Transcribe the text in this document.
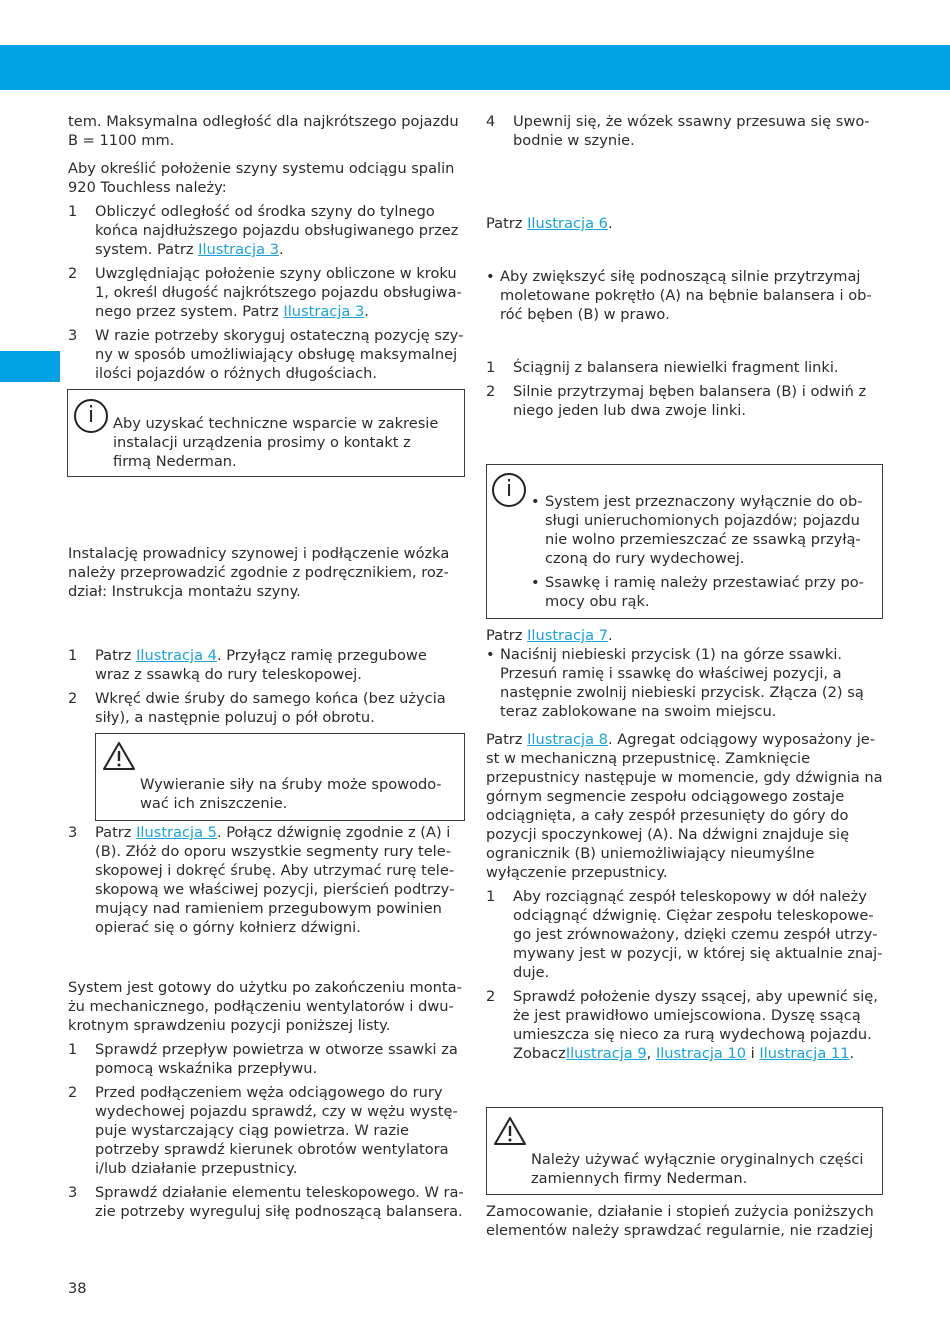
tem. Maksymalna odległość dla najkrótszego pojazdu B = 1100 mm.

Aby określić położenie szyny systemu odciągu spalin 920 Touchless należy:

1 Obliczyć odległość od środka szyny do tylnego końca najdłuższego pojazdu obsługiwanego przez system. Patrz Ilustracja 3.
2 Uwzględniając położenie szyny obliczone w kroku 1, określ długość najkrótszego pojazdu obsługiwanego przez system. Patrz Ilustracja 3.
3 W razie potrzeby skoryguj ostateczną pozycję szyny w sposób umożliwiający obsługę maksymalnej ilości pojazdów o różnych długościach.
i	Aby uzyskać techniczne wsparcie w zakresie instalacji urządzenia prosimy o kontakt z firmą Nederman.

Instalację prowadnicy szynowej i podłączenie wózka należy przeprowadzić zgodnie z podręcznikiem, rozdział: Instrukcja montażu szyny.

1 Patrz Ilustracja 4. Przyłącz ramię przegubowe wraz z ssawką do rury teleskopowej.
2 Wkręć dwie śruby do samego końca (bez użycia siły), a następnie poluzuj o pół obrotu.
Wywieranie siły na śruby może spowodować ich zniszczenie.
3 Patrz Ilustracja 5. Połącz dźwignię zgodnie z (A) i (B). Złóż do oporu wszystkie segmenty rury teleskopowej i dokręć śrubę. Aby utrzymać rurę teleskopową we właściwej pozycji, pierścień podtrzymujący nad ramieniem przegubowym powinien opierać się o górny kołnierz dźwigni.

System jest gotowy do użytku po zakończeniu montażu mechanicznego, podłączeniu wentylatorów i dwukrotnym sprawdzeniu pozycji poniższej listy.

1 Sprawdź przepływ powietrza w otworze ssawki za pomocą wskaźnika przepływu.
2 Przed podłączeniem węża odciągowego do rury wydechowej pojazdu sprawdź, czy w wężu występuje wystarczający ciąg powietrza. W razie potrzeby sprawdź kierunek obrotów wentylatora i/lub działanie przepustnicy.
3 Sprawdź działanie elementu teleskopowego. W razie potrzeby wyreguluj siłę podnoszącą balansera.
4 Upewnij się, że wózek ssawny przesuwa się swobodnie w szynie.

Patrz Ilustracja 6.

• Aby zwiększyć siłę podnoszącą silnie przytrzymaj moletowane pokrętło (A) na bębnie balansera i obróć bęben (B) w prawo.
1 Ściągnij z balansera niewielki fragment linki.
2 Silnie przytrzymaj bęben balansera (B) i odwiń z niego jeden lub dwa zwoje linki.
i	• System jest przeznaczony wyłącznie do obsługi unieruchomionych pojazdów; pojazdu nie wolno przemieszczać ze ssawką przyłączoną do rury wydechowej.
• Ssawkę i ramię należy przestawiać przy pomocy obu rąk.

Patrz Ilustracja 7.

• Naciśnij niebieski przycisk (1) na górze ssawki. Przesuń ramię i ssawkę do właściwej pozycji, a następnie zwolnij niebieski przycisk. Złącza (2) są teraz zablokowane na swoim miejscu.

Patrz Ilustracja 8. Agregat odciągowy wyposażony jest w mechaniczną przepustnicę. Zamknięcie przepustnicy następuje w momencie, gdy dźwignia na górnym segmencie zespołu odciągowego zostaje odciągnięta, a cały zespół przesunięty do góry do pozycji spoczynkowej (A). Na dźwigni znajduje się ogranicznik (B) uniemożliwiający nieumyślne wyłączenie przepustnicy.

1 Aby rozciągnąć zespół teleskopowy w dół należy odciągnąć dźwignię. Ciężar zespołu teleskopowego jest zrównoważony, dzięki czemu zespół utrzymywany jest w pozycji, w której się aktualnie znajduje.
2 Sprawdź położenie dyszy ssącej, aby upewnić się, że jest prawidłowo umiejscowiona. Dyszę ssącą umieszcza się nieco za rurą wydechową pojazdu. ZobaczIlustracja 9, Ilustracja 10 i Ilustracja 11.
Należy używać wyłącznie oryginalnych części zamiennych firmy Nederman.

Zamocowanie, działanie i stopień zużycia poniższych elementów należy sprawdzać regularnie, nie rzadziej

38
